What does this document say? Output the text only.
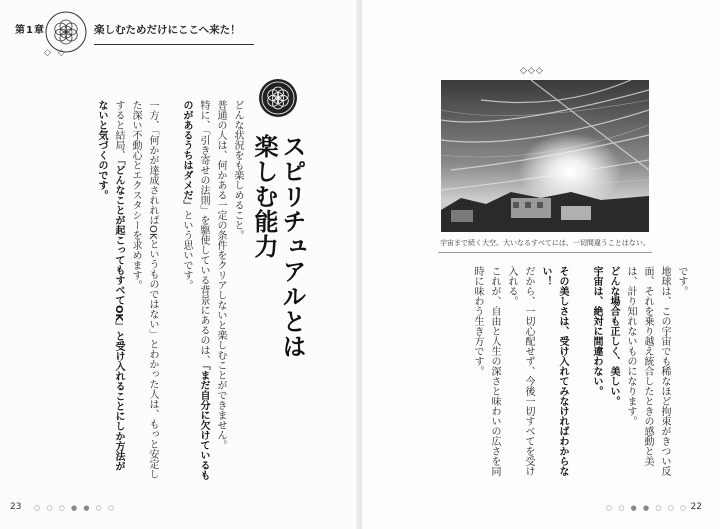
第1章	楽しむためだけにここへ来た！
◇ ◇

どんな状況をも楽しめること。

普通の人は、何かある一定の条件をクリアしないと楽しむことができません。

特に、「引き寄せの法則」を駆使している背景にあるのは、「まだ自分に欠けているものがあるうちはダメだ」という思いです。

一方、「何かが達成されればOKというものではない」とわかった人は、もっと安定した深い不動心とエクスタシーを求めます。

すると結局、「どんなことが起こってもすべてOK」と受け入れることにしか方法がないと気づくのです。	スピリチュアルとは楽しむ能力
◇◇◇
宇宙まで続く大空。大いなるすべてには、一切間違うことはない。

です。

地球は、この宇宙でも稀なほど拘束がきつい反面、それを乗り越え統合したときの感動と美は、計り知れないものになります。

どんな場合も正しく、美しい。

宇宙は、絶対に間違わない。

その美しさは、受け入れてみなければわからない！

だから、一切心配せず、今後一切すべてを受け入れる。

これが、自由と人生の深さと味わいの広さを同時に味わう生き方です。

23 ○ ○ ○ ● ● ○ ○	○ ○ ● ● ○ ○ ○ 22
